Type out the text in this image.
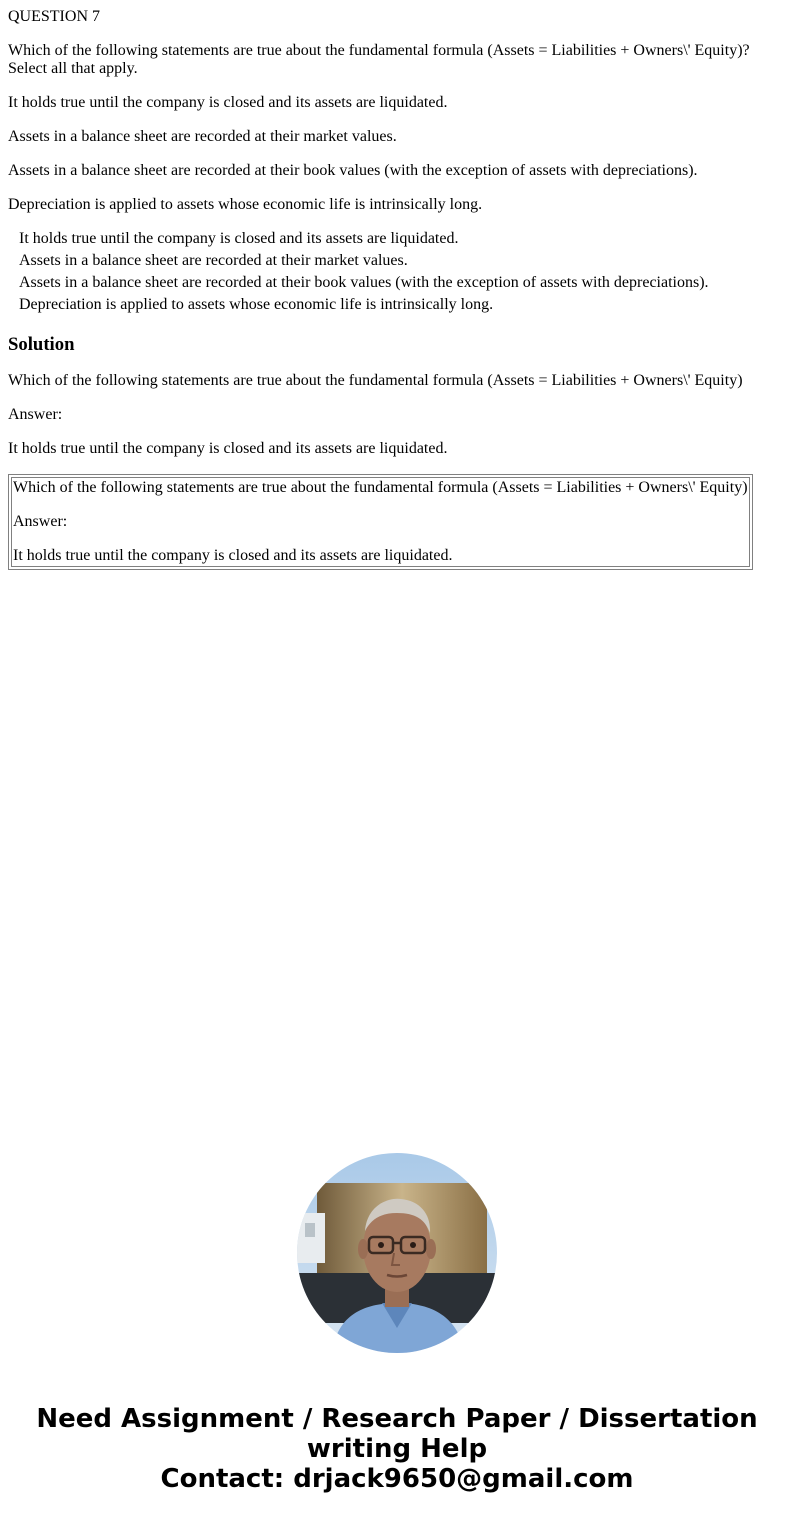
QUESTION 7
Which of the following statements are true about the fundamental formula (Assets = Liabilities + Owners\' Equity)? Select all that apply.
It holds true until the company is closed and its assets are liquidated.
Assets in a balance sheet are recorded at their market values.
Assets in a balance sheet are recorded at their book values (with the exception of assets with depreciations).
Depreciation is applied to assets whose economic life is intrinsically long.
It holds true until the company is closed and its assets are liquidated.
Assets in a balance sheet are recorded at their market values.
Assets in a balance sheet are recorded at their book values (with the exception of assets with depreciations).
Depreciation is applied to assets whose economic life is intrinsically long.
Solution
Which of the following statements are true about the fundamental formula (Assets = Liabilities + Owners\' Equity)
Answer:
It holds true until the company is closed and its assets are liquidated.
Which of the following statements are true about the fundamental formula (Assets = Liabilities + Owners\' Equity)
Answer:
It holds true until the company is closed and its assets are liquidated.
Need Assignment / Research Paper / Dissertation
writing Help
Contact: drjack9650@gmail.com
